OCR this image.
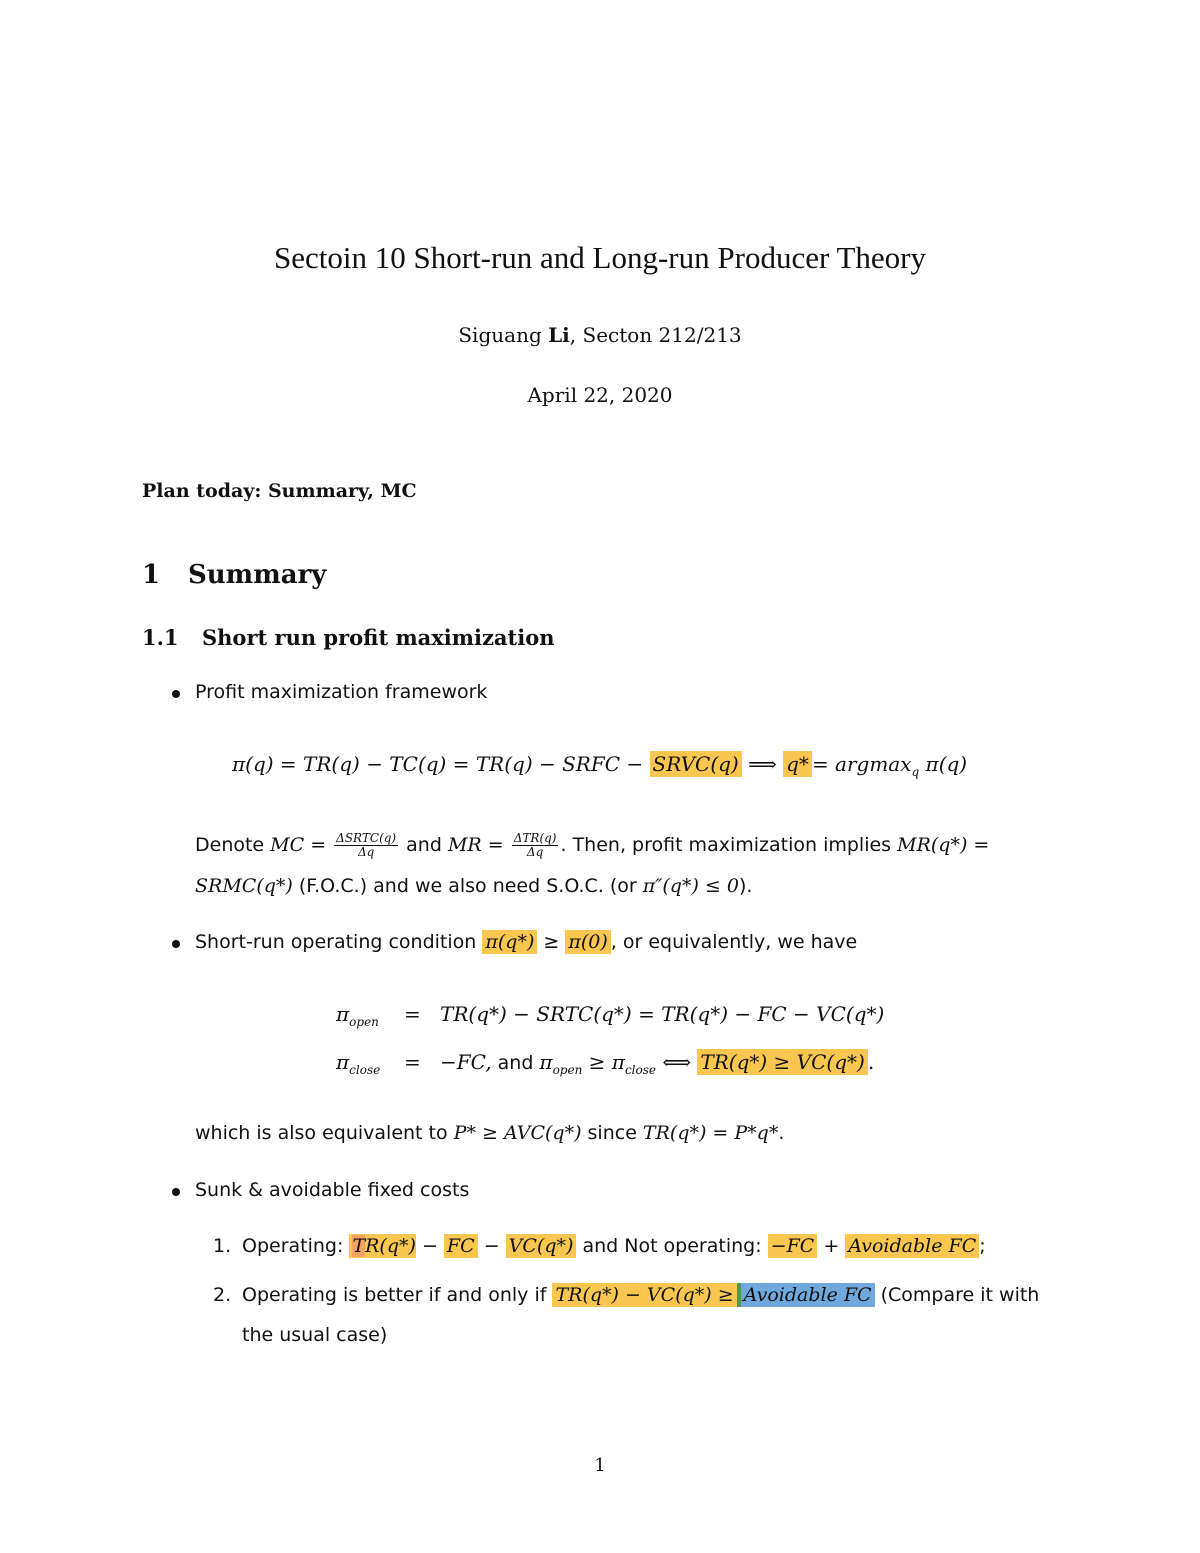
Sectoin 10 Short-run and Long-run Producer Theory
Siguang Li, Secton 212/213
April 22, 2020
Plan today: Summary, MC
1 Summary
1.1 Short run profit maximization
Profit maximization framework
π(q) = TR(q) − TC(q) = TR(q) − SRFC − SRVC(q) ⟹ q* = argmax$_q$ π(q)
Denote MC = $\frac{\text{ΔSRTC(q)}}{\Delta q}$ and MR = $\frac{\text{ΔTR(q)}}{\Delta q}$ . Then, profit maximization implies MR(q*) =
SRMC(q*) (F.O.C.) and we also need S.O.C. (or π″(q*) ≤ 0).
Short-run operating condition π(q*) ≥ π(0) , or equivalently, we have
$\pi_{open} = TR(q*)$ − SRTC(q*) = TR(q*) − FC − VC(q*)
$\pi_{close} = -FC$, and $\pi_{open} \ge \pi_{close}$ ⟺ TR(q*) ≥ VC(q*) .
which is also equivalent to P* ≥ AVC(q*) since TR(q*) = P*q*.
Sunk & avoidable fixed costs
1. Operating: TR(q*) − FC − VC(q*) and Not operating: −FC + Avoidable FC ;
2. Operating is better if and only if TR(q*) − VC(q*) ≥ Avoidable FC (Compare it with
the usual case)
1
